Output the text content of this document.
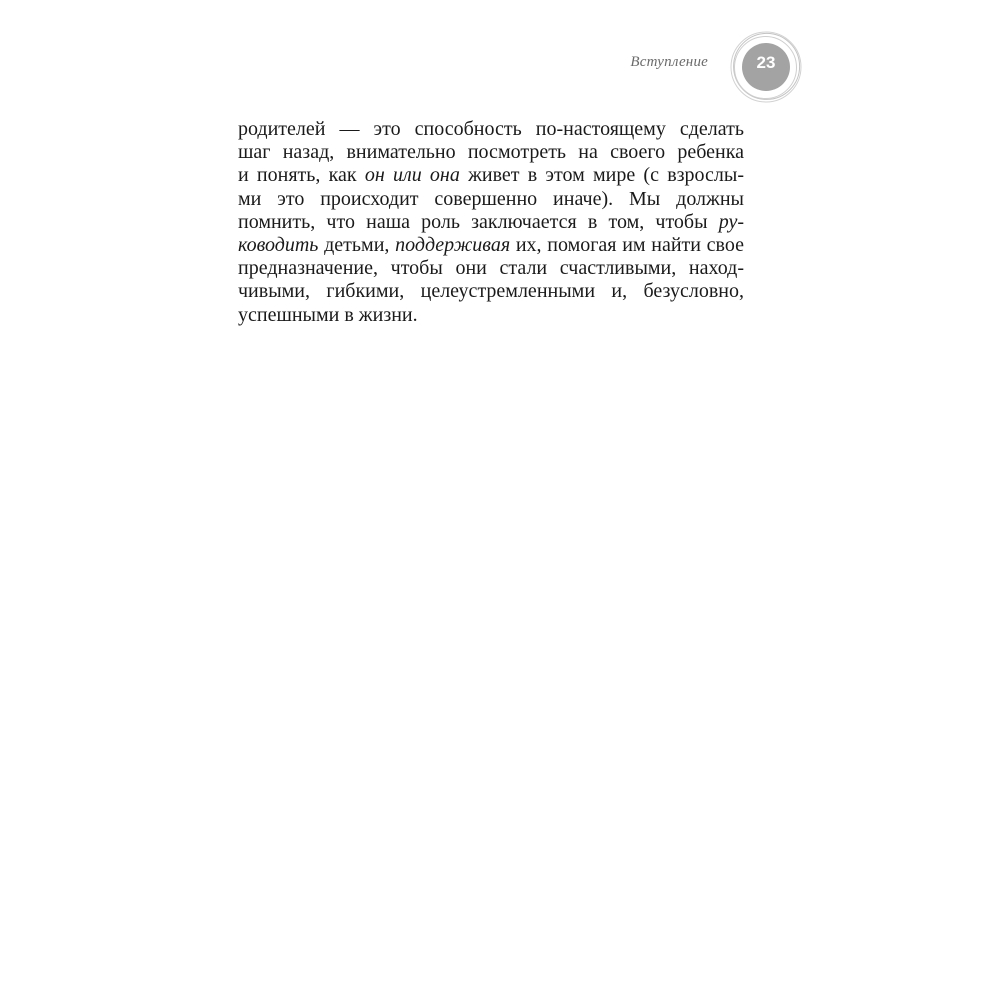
Вступление	23
родителей — это способность по-настоящему сделать
шаг назад, внимательно посмотреть на своего ребенка
и понять, как он или она живет в этом мире (с взрослы-
ми это происходит совершенно иначе). Мы должны
помнить, что наша роль заключается в том, чтобы ру-
ководить детьми, поддерживая их, помогая им найти свое
предназначение, чтобы они стали счастливыми, наход-
чивыми, гибкими, целеустремленными и, безусловно,
успешными в жизни.
